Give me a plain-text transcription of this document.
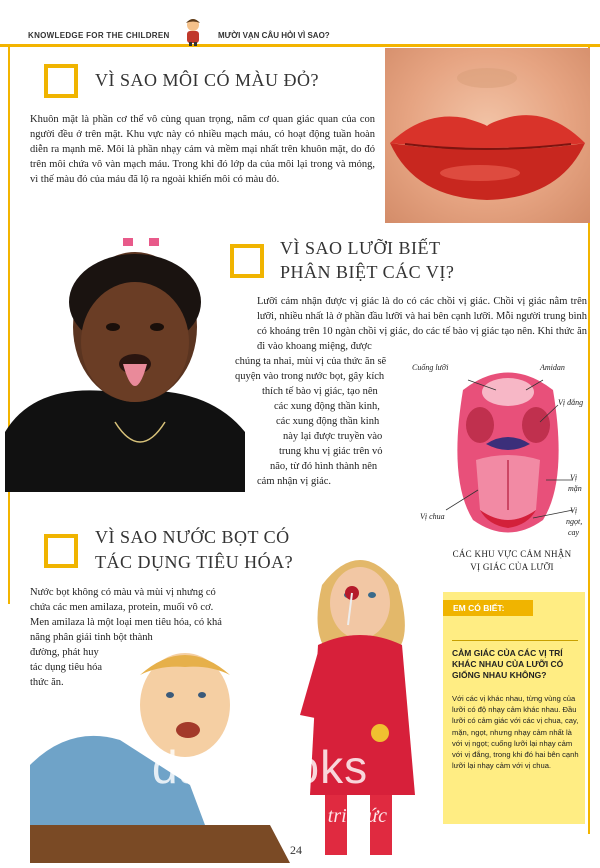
KNOWLEDGE FOR THE CHILDREN	MƯỜI VẠN CÂU HỎI VÌ SAO?
VÌ SAO MÔI CÓ MÀU ĐỎ?
Khuôn mặt là phần cơ thể vô cùng quan trọng, năm cơ quan giác quan của con người đều ở trên mặt. Khu vực này có nhiều mạch máu, có hoạt động tuần hoàn diễn ra mạnh mẽ. Môi là phần nhạy cảm và mềm mại nhất trên khuôn mặt, do đó trên môi chứa vô vàn mạch máu. Trong khi đó lớp da của môi lại trong và mỏng, vì thế màu đỏ của máu đã lộ ra ngoài khiến môi có màu đỏ.
VÌ SAO LƯỠI BIẾT
PHÂN BIỆT CÁC VỊ?
Lưỡi cảm nhận được vị giác là do có các chồi vị giác. Chồi vị giác nằm trên lưỡi, nhiều nhất là ở phần đầu lưỡi và hai bên cạnh lưỡi. Mỗi người trung bình có khoảng trên 10 ngàn chồi vị giác, do các tế bào vị giác tạo nên. Khi thức ăn đi vào khoang miệng, được
chúng ta nhai, mùi vị của thức ăn sẽ
quyện vào trong nước bọt, gây kích
thích tế bào vị giác, tạo nên
các xung động thần kinh,
các xung động thần kinh
này lại được truyền vào
trung khu vị giác trên vỏ
não, từ đó hình thành nên
cảm nhận vị giác.
Cuống lưỡi	Amidan
Vị đắng
Vị
mặn
Vị chua
Vị
ngọt,
cay
CÁC KHU VỰC CẢM NHẬN
VỊ GIÁC CỦA LƯỠI
VÌ SAO NƯỚC BỌT CÓ
TÁC DỤNG TIÊU HÓA?
Nước bọt không có màu và mùi vị nhưng có
chứa các men amilaza, protein, muối vô cơ.
Men amilaza là một loại men tiêu hóa, có khả
năng phân giải tinh bột thành
đường, phát huy
tác dụng tiêu hóa
thức ăn.
EM CÓ BIẾT:
CẢM GIÁC CỦA CÁC VỊ TRÍ KHÁC NHAU CỦA LƯỠI CÓ GIỐNG NHAU KHÔNG?
Với các vị khác nhau, từng vùng của lưỡi có độ nhạy cảm khác nhau. Đầu lưỡi có cảm giác với các vị chua, cay, mặn, ngọt, nhưng nhạy cảm nhất là với vị ngọt; cuống lưỡi lại nhạy cảm với vị đắng, trong khi đó hai bên cạnh lưỡi lại nhạy cảm với vị chua.
davibooks
Khát vọng tri thức
24
